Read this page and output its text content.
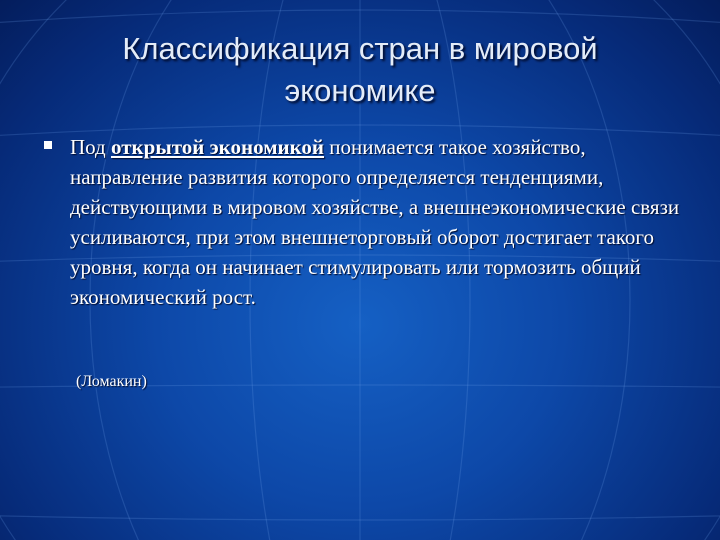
Классификация стран в мировой
экономике
Под открытой экономикой понимается такое хозяйство, направление развития которого определяется тенденциями, действующими в мировом хозяйстве, а внешнеэкономические связи усиливаются, при этом внешнеторговый оборот достигает такого уровня, когда он начинает стимулировать или тормозить общий экономический рост.
(Ломакин)
